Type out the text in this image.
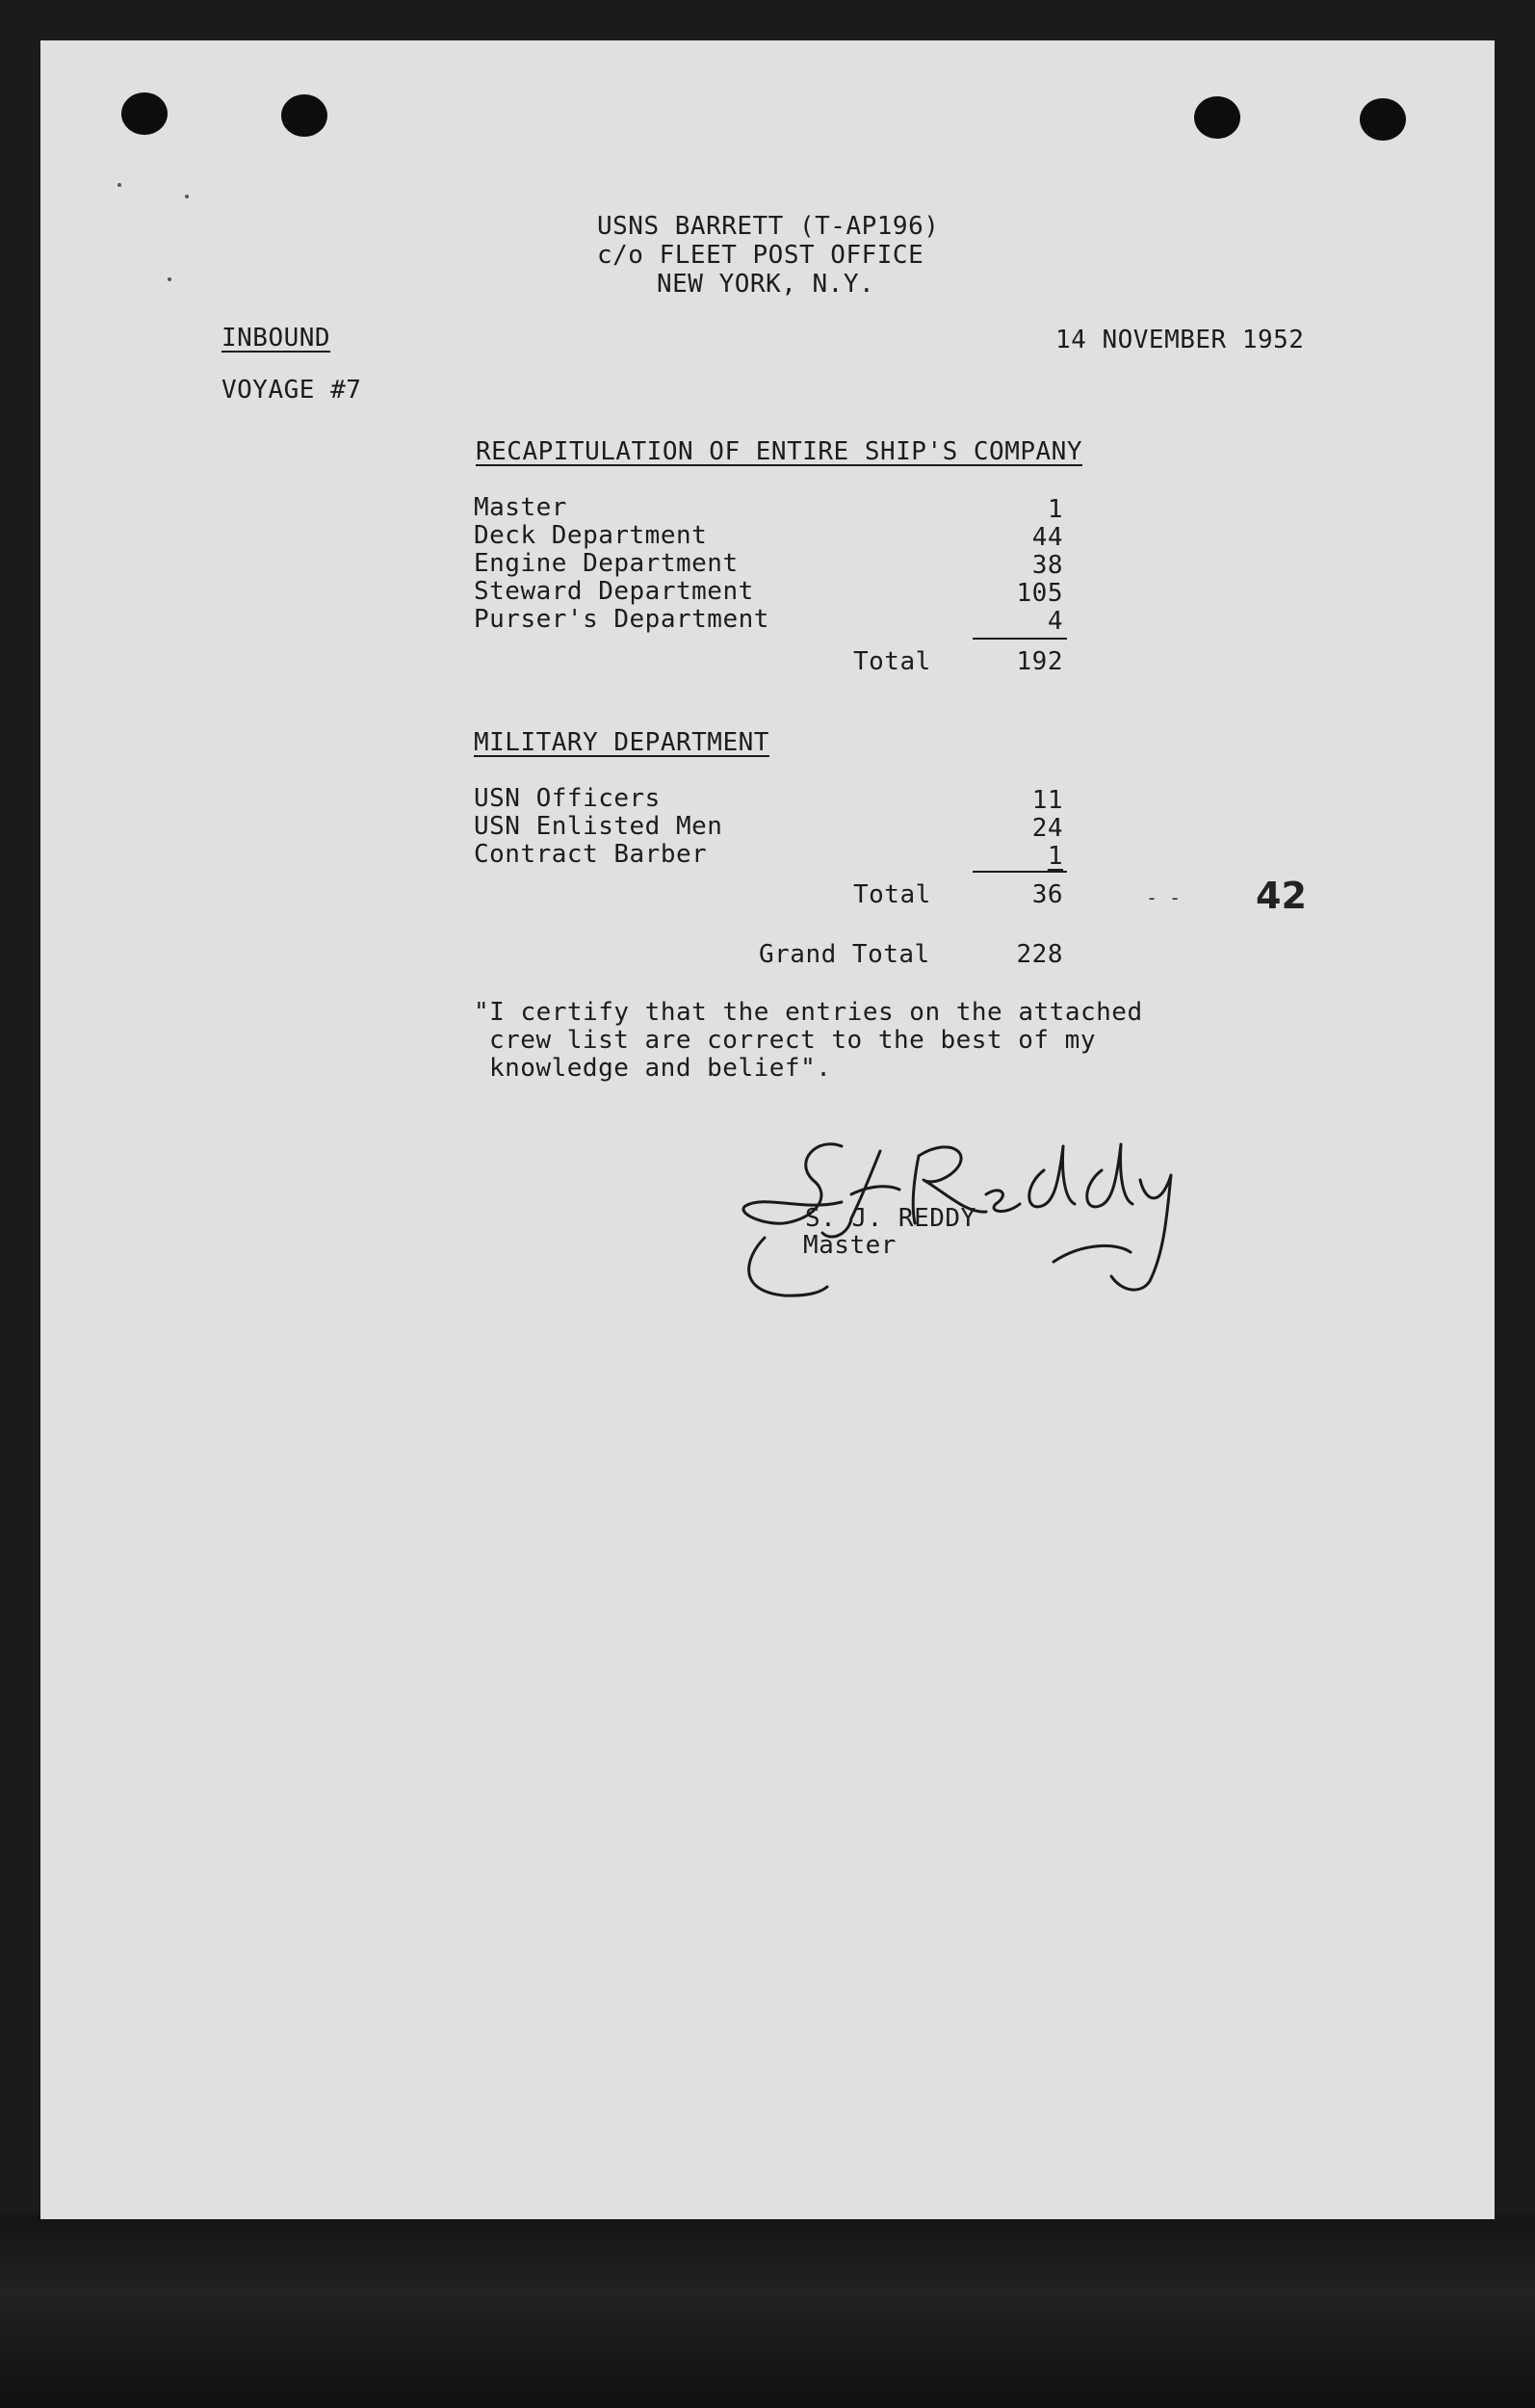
USNS BARRETT (T-AP196)
c/o FLEET POST OFFICE
NEW YORK, N.Y.
INBOUND	14 NOVEMBER 1952
VOYAGE #7
RECAPITULATION OF ENTIRE SHIP'S COMPANY
Master	1
Deck Department	44
Engine Department	38
Steward Department	105
Purser's Department	4
Total	192
MILITARY DEPARTMENT
USN Officers	11
USN Enlisted Men	24
Contract Barber	1
Total	36	- - 42
Grand Total	228
"I certify that the entries on the attached
crew list are correct to the best of my
knowledge and belief".
S J Reddy
S. J. REDDY
Master
